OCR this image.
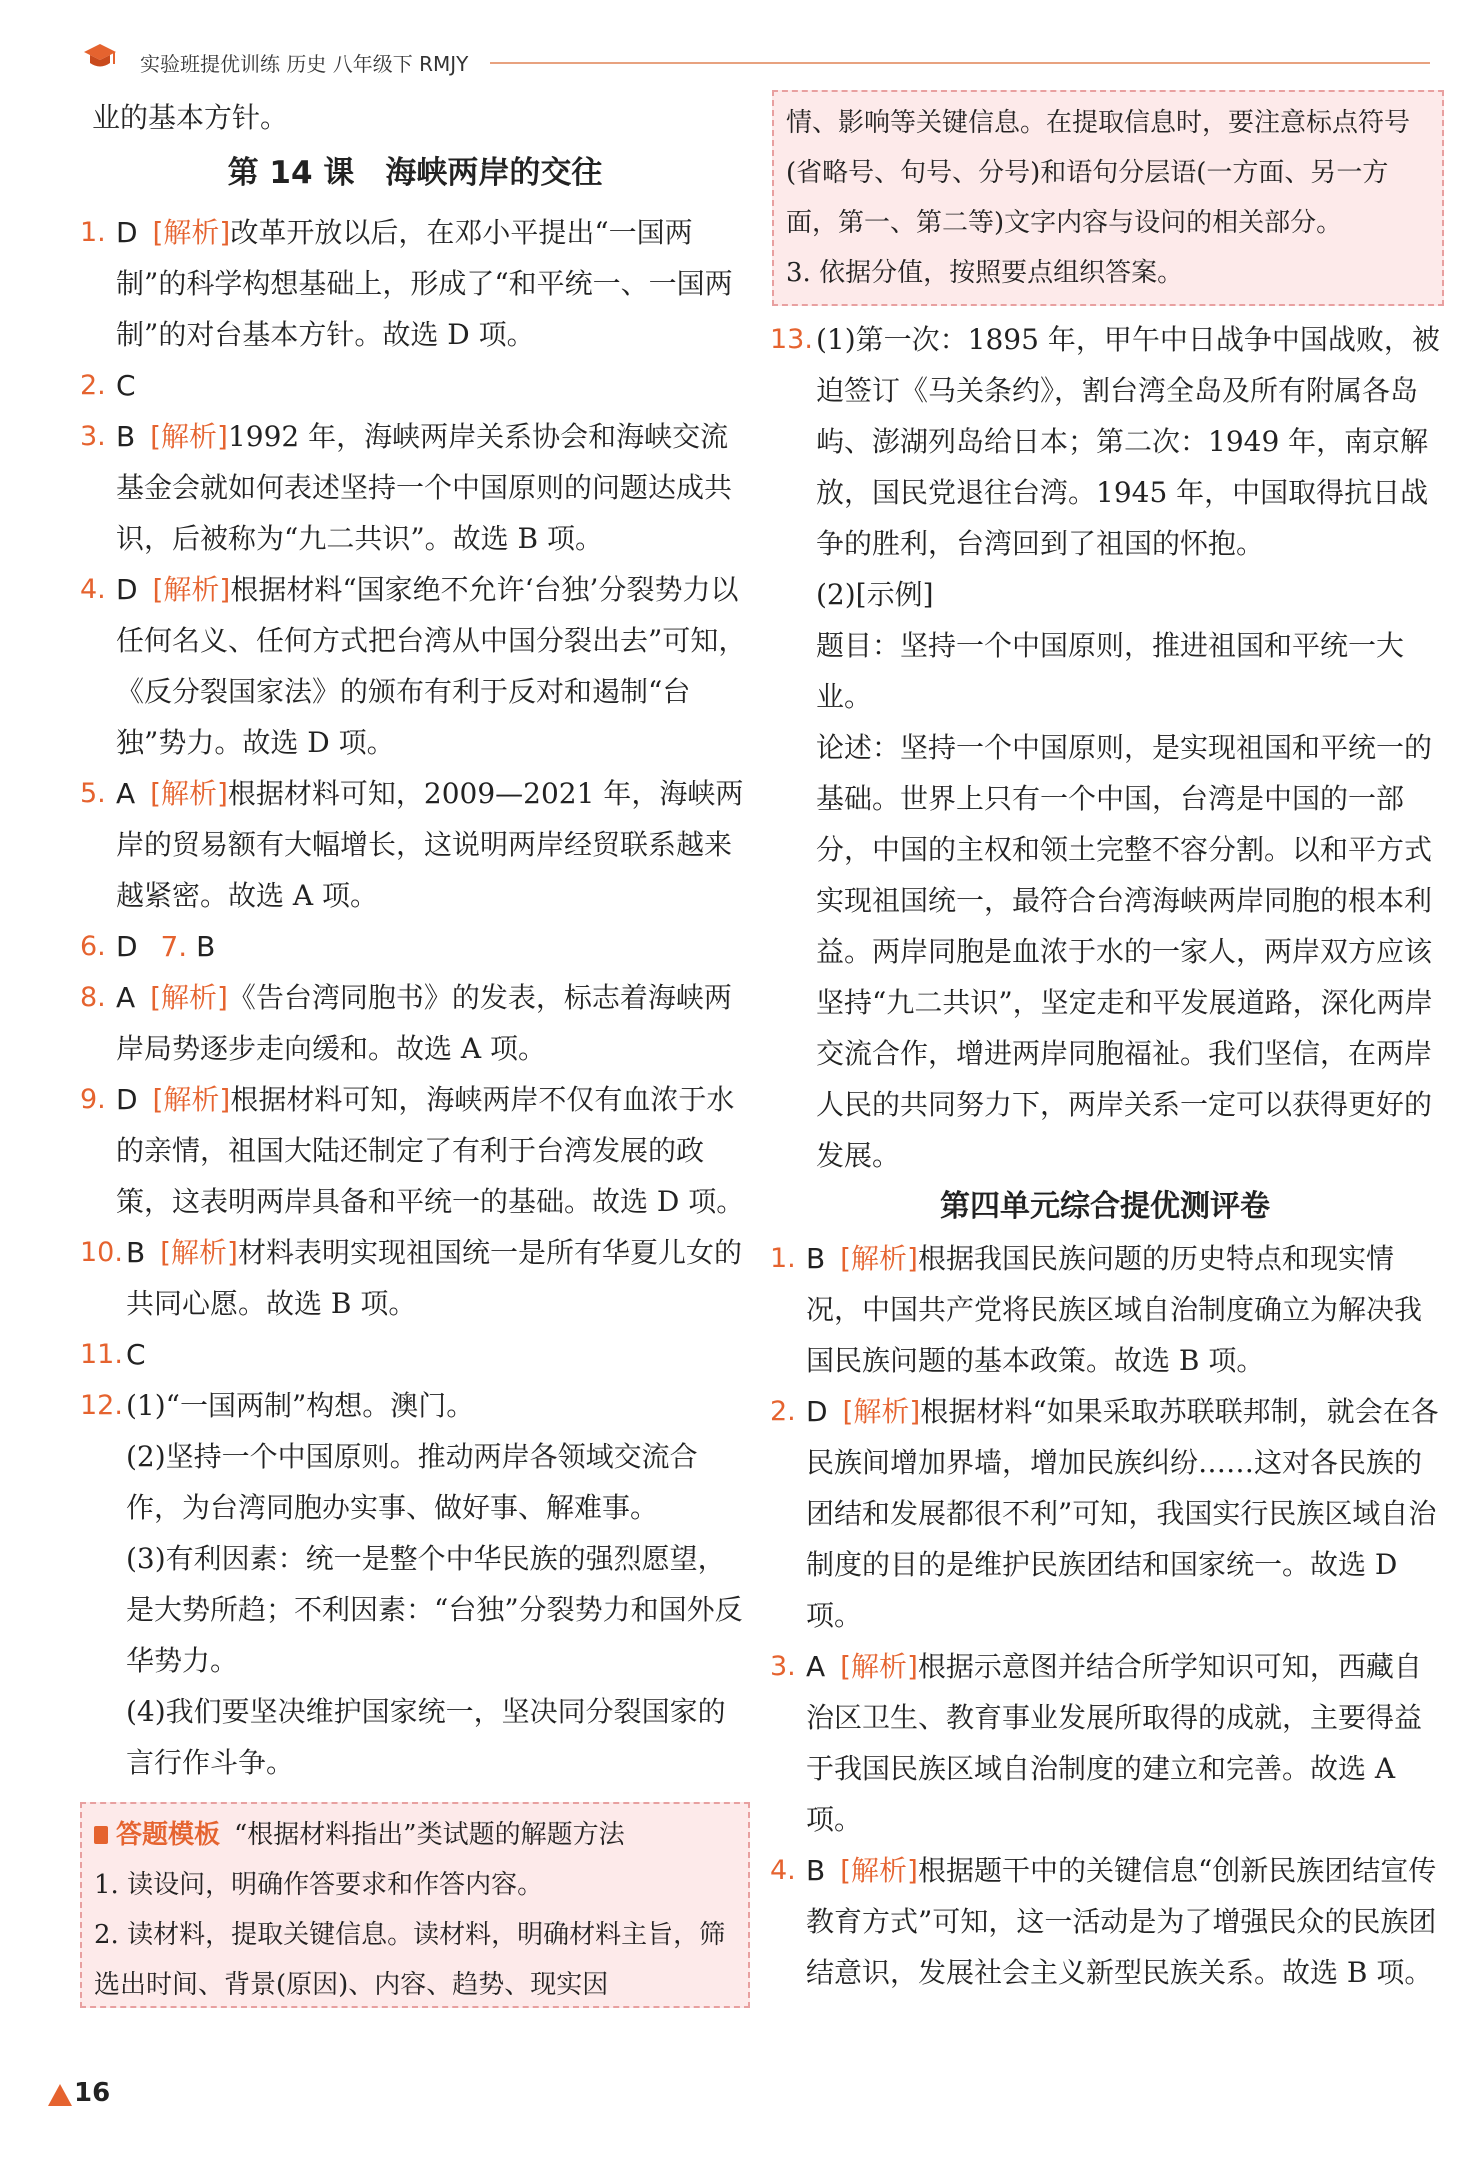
实验班提优训练 历史 八年级下 RMJY
业的基本方针。
第 14 课　海峡两岸的交往
1. D [解析]改革开放以后，在邓小平提出“一国两制”的科学构想基础上，形成了“和平统一、一国两制”的对台基本方针。故选 D 项。
2. C
3. B [解析]1992 年，海峡两岸关系协会和海峡交流基金会就如何表述坚持一个中国原则的问题达成共识，后被称为“九二共识”。故选 B 项。
4. D [解析]根据材料“国家绝不允许‘台独’分裂势力以任何名义、任何方式把台湾从中国分裂出去”可知，《反分裂国家法》的颁布有利于反对和遏制“台独”势力。故选 D 项。
5. A [解析]根据材料可知，2009—2021 年，海峡两岸的贸易额有大幅增长，这说明两岸经贸联系越来越紧密。故选 A 项。
6. D 7. B
8. A [解析]《告台湾同胞书》的发表，标志着海峡两岸局势逐步走向缓和。故选 A 项。
9. D [解析]根据材料可知，海峡两岸不仅有血浓于水的亲情，祖国大陆还制定了有利于台湾发展的政策，这表明两岸具备和平统一的基础。故选 D 项。
10. B [解析]材料表明实现祖国统一是所有华夏儿女的共同心愿。故选 B 项。
11. C
12. (1)“一国两制”构想。澳门。
(2)坚持一个中国原则。推动两岸各领域交流合作，为台湾同胞办实事、做好事、解难事。
(3)有利因素：统一是整个中华民族的强烈愿望，是大势所趋；不利因素：“台独”分裂势力和国外反华势力。
(4)我们要坚决维护国家统一，坚决同分裂国家的言行作斗争。
答题模板 “根据材料指出”类试题的解题方法
1. 读设问，明确作答要求和作答内容。
2. 读材料，提取关键信息。读材料，明确材料主旨，筛选出时间、背景(原因)、内容、趋势、现实因
情、影响等关键信息。在提取信息时，要注意标点符号(省略号、句号、分号)和语句分层语(一方面、另一方面，第一、第二等)文字内容与设问的相关部分。
3. 依据分值，按照要点组织答案。
13. (1)第一次：1895 年，甲午中日战争中国战败，被迫签订《马关条约》，割台湾全岛及所有附属各岛屿、澎湖列岛给日本；第二次：1949 年，南京解放，国民党退往台湾。1945 年，中国取得抗日战争的胜利，台湾回到了祖国的怀抱。
(2)[示例]
题目：坚持一个中国原则，推进祖国和平统一大业。
论述：坚持一个中国原则，是实现祖国和平统一的基础。世界上只有一个中国，台湾是中国的一部分，中国的主权和领土完整不容分割。以和平方式实现祖国统一，最符合台湾海峡两岸同胞的根本利益。两岸同胞是血浓于水的一家人，两岸双方应该坚持“九二共识”，坚定走和平发展道路，深化两岸交流合作，增进两岸同胞福祉。我们坚信，在两岸人民的共同努力下，两岸关系一定可以获得更好的发展。
第四单元综合提优测评卷
1. B [解析]根据我国民族问题的历史特点和现实情况，中国共产党将民族区域自治制度确立为解决我国民族问题的基本政策。故选 B 项。
2. D [解析]根据材料“如果采取苏联联邦制，就会在各民族间增加界墙，增加民族纠纷……这对各民族的团结和发展都很不利”可知，我国实行民族区域自治制度的目的是维护民族团结和国家统一。故选 D 项。
3. A [解析]根据示意图并结合所学知识可知，西藏自治区卫生、教育事业发展所取得的成就，主要得益于我国民族区域自治制度的建立和完善。故选 A 项。
4. B [解析]根据题干中的关键信息“创新民族团结宣传教育方式”可知，这一活动是为了增强民众的民族团结意识，发展社会主义新型民族关系。故选 B 项。
16
